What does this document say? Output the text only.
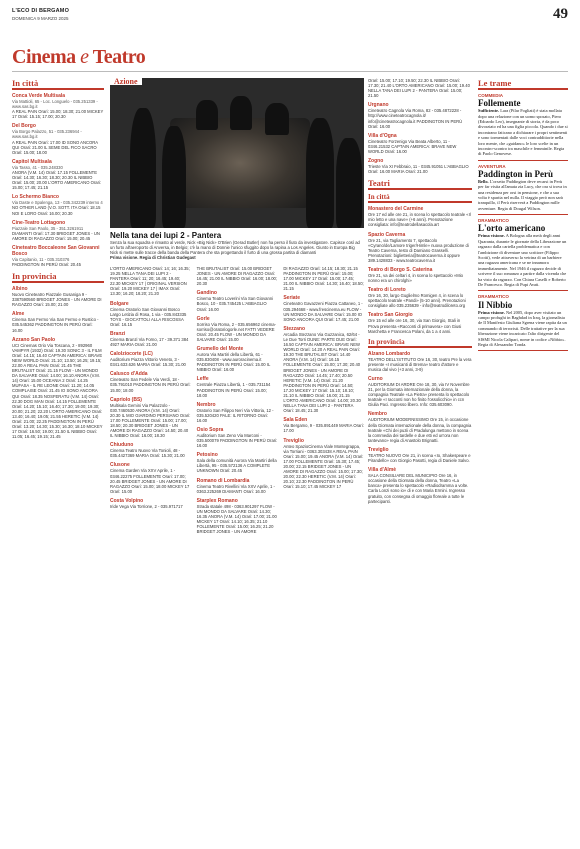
L'ECO DI BERGAMO
DOMENICA 9 MARZO 2025	49
Cinema e Teatro
In città
Conca Verde Multisala
Via Mattioli, 65 - Loc. Longuelo - 035.251339 - www.sas.bg.it
A REAL PAIN Orari: 15.00; 18.30; 21.00 MICKEY 17 Orari: 15.15; 17.00; 20.30
Del Borgo
Via Borgo Palazzo, 51 - 035.236944 - www.sas.bg.it
A REAL PAIN Orari: 17.00 ID SONO ANCORA QUI Orari: 21.00 IL SEME DEL FICO SACRO Orari: 15.00; 18.00
Capitol Multisala
Via Tasso, 41 - 035.248330
ANORA (V.M. 14) Orari: 17.15 FOLLEMENTE Orari: 14.30; 16.30; 18.30; 20.30 IL NIBBIO Orari: 15.00; 20.00 L'ORTO AMERICANO Orari: 15.00; 17.45; 21.15
Lo Schermo Bianco
Via Daste e Spalenga, 13 - 035.342239 interno 4
NO OTHER LAND (V.O. SOTT. ITA Orari: 18.15 NOI E LORO Orari: 16.00; 20.30
Cine-Teatro Lottagono
Piazzale San Paolo, 35 - 351.3261911
DIAMANTI Orari: 17.30 BRIDGET JONES - UN AMORE DI RAGAZZO Orari: 15.00; 20.45
Cineteatro Boccaleone San Giovanni Bosco
Via Capitanio, 11 - 035.310376
PADDINGTON IN PERÙ Orari: 20.45
In provincia
Albino
Nuovo Cineteatro Piazzale Gusaniga 9 - 3387590560 BRIDGET JONES - UN AMORE DI RAGAZZO Orari: 15.00; 21.00
Alme
Cinema San Fermo Via San Fermo e Rustico - 035.545362 PADDINGTON IN PERÙ Orari: 16.00
Azzano San Paolo
UCI Cinemas Orio Via Toscana, 2 - 892960 VAMPYR (1932) Orari: 19.30 SONIC 3 - IL FILM Orari: 14.15; 16.40 CAPTAIN AMERICA: BRAVE NEW WORLD Orari: 21.10; 13.50; 16.25; 19.15; 22.00 A REAL PAIN Orari: 21.45 THE BRUTALIST Orari: 21.15 FLOW - UN MONDO DA SALVARE Orari: 14.00; 16.10 ANORA (V.M. 14) Orari: 15.00 OCEANIA 2 Orari: 14.25 MUFASA - IL RE LEONE Orari: 11.20; 14.05 COMPLAISE Orari: 21.45 IO SONO ANCORA QUI Orari: 18.35 NOSFERATU (V.M. 14) Orari: 22.30 DOG MAN Orari: 14.15 FOLLEMENTE Orari: 14.20; 15.10; 16.40; 17.30; 19.00; 19.30; 20.00; 21.20; 22.20 L'ORTO AMERICANO Orari: 13.40; 16.40; 19.05; 21.55 HERETIC (V.M. 14) Orari: 21.00; 22.25 PADDINGTON IN PERÙ Orari: 13.20; 14.30; 15.30; 16.30; 18.10 MICKEY 17 Orari: 16.50; 19.00; 21.50 IL NIBBIO Orari: 11.05; 16.45; 19.15; 21.45
Azione
Nella tana dei lupi 2 - Pantera
Senza la sua squadra e rimasto al verde, Nick «Big Nick» O'Brien (Gerad Butler) non ha perso il fiuto da investigatore. Capisce così ad un furto all'aeroporto di Anversa, in Belgio; c'è la mano di Donnie l'unico sfuggito dopo la rapina a Los Angeles. Giunto in Europa Big Nick si mette sulle tracce della banda della Pantera che sta progettando il furto di una grossa partita di diamanti
Prima visione. Regia di Christian Gudegast
L'ORTO AMERICANO Orari: 14; 16; 16.35; 19.25 NELLA TANA DEI LUPI 2 - PANTERA Orari: 11; 20; 16.45; 19.40; 22.30 MICKEY 17 | ORIGINAL VERSION Orari: 19.20 MICKEY 17 | IMAX Orari: 13.30; 16.20; 18.20; 21.20
Bolgare
Cinema Oratorio San Giovanni Bosco Largo Letizia di Rosa, 1 via - 035.843335 TOYS - GIOCATTOLI ALLA RISCOSSA Orari: 16.15
Branzi
Cinema Branzi Via Forno, 17 - 39.371 384 4927 MARIA Orari: 21.00
Calolziocorte (LC)
Auditorium Piazza Vittorio Veneto, 3 - 0341.633.626 MARIA Orari: 15.30; 21.00
Calusco d'Adda
Cineteatro San Fedele Via Verdi, 18 - 035.791010 PADDINGTON IN PERÙ Orari: 15.00; 18.00
Capriolo (BS)
Multisala Gemini Via Palazzolo - 030.7460530 ANORA (V.M. 14) Orari: 20.30 IL MIO GIARDINO PERSIANO Orari: 17.00 FOLLEMENTE Orari: 15.00; 17.00; 18.50; 20.30 BRIDGET JONES - UN AMORE DI RAGAZZO Orari: 14.50; 20.40 IL NIBBIO Orari: 16.00; 18.30
Chiuduno
Cinema Teatro Nuovo Via Tonioli, 48 - 035.4427369 MARIA Orari: 15.30; 21.00
Clusone
Cinema Garden Via XXV Aprile, 1 - 0346.22275 FOLLEMENTE Orari: 17.00; 20.45 BRIDGET JONES - UN AMORE DI RAGAZZO Orari: 15.00; 18.00 MICKEY 17 Orari: 15.00
Costa Volpino
Iride Vega Via Torrione, 2 - 035.971717
THE BRUTALIST Orari: 15.00 BRIDGET JONES - UN AMORE DI RAGAZZO Orari: 16.45; 21.00 IL NIBBIO Orari: 16.00; 18.00; 20.30
Gandino
Cinema Teatro Loverini Via San Giovanni Bosco, 10 - 035.745425 L'ABBAGLIO Orari: 16.00
Gorle
Sorriso Via Roma, 2 - 035.656962 cinema-sorriso@oratoriogorle.net FATTI VEDERE Orari: 20.45 FLOW - UN MONDO DA SALVARE Orari: 15.00
Grumello del Monte
Aurora Via Martiri della Libertà, 61 - 035.830408 - www.auroracinema.it PADDINGTON IN PERÙ Orari: 15.00 IL NIBBIO Orari: 16.00
Leffe
Centrale Piazza Libertà, 1 - 035.731154 PADDINGTON IN PERÙ Orari: 15.00; 18.00
Nembro
Oratorio San Filippo Neri Via Vittoria, 12 - 035.520420 PALE: IL RITORNO Orari: 16.00
Osio Sopra
Auditorium San Zeno Via Marconi - 035.500079 PADDINGTON IN PERÙ Orari: 16.00
Petosino
Sala della comunità Aurora Via Martiri della Libertà, 95 - 035.572136 A COMPLETE UNKNOWN Orari: 20.45
Romano di Lombardia
Cinema Teatro Rivellini Via XXV Aprile, 1 - 0363.225269 DIAMANTI Orari: 16.00
Starplex Romano
Strada statale 498 - 0363.901297 FLOW - UN MONDO DA SALVARE Orari: 14.30; 16.35 ANORA (V.M. 14) Orari: 17.00; 21.00 MICKEY 17 Orari: 14.10; 16.35; 21.10 FOLLEMENTE Orari: 15.00; 16.25; 21.20 BRIDGET JONES - UN AMORE
DI RAGAZZO Orari: 14.15; 18.30; 21.15 PADDINGTON IN PERÙ Orari: 15.00; 17.00 MICKEY 17 Orari: 15.00; 17.45; 21.00 IL NIBBIO Orari: 14.30; 16.40; 18.50; 21.15
Seriate
Cineteatro Gavazzeni Piazza Cattaneo, 1 - 035.294668 - www.frescinema.eu FLOW - UN MONDO DA SALVARE Orari: 15.00 IO SONO ANCORA QUI Orari: 17.45; 21.00
Stezzano
Arcadia Stezzano Via Guzzanica, 62/64 - Le Due Torri DUNE: PARTE DUE Orari: 16.50 CAPTAIN AMERICA: BRAVE NEW WORLD Orari: 14.20 A REAL PAIN Orari: 19.30 THE BRUTALIST Orari: 14.40 ANORA (V.M. 14) Orari: 16.15 FOLLEMENTE Orari: 15.00; 17.30; 20.40 BRIDGET JONES - UN AMORE DI RAGAZZO Orari: 14.45; 17.40; 20.50 HERETIC (V.M. 14) Orari: 21.20 PADDINGTON IN PERÙ Orari: 14.50; 17.20 MICKEY 17 Orari: 15.10; 18.10; 21.10 IL NIBBIO Orari: 16.00; 21.15 L'ORTO AMERICANO Orari: 14.00; 20.30 NELLA TANA DEI LUPI 2 - PANTERA Orari: 18.45; 21.30
Sala Eden
Via Bergamo, 9 - 035.891449 MARIA Orari: 17.00
Treviglio
Anteo SpazioCinema Viale Montegrappa, via Torriani - 0363.303438 A REAL PAIN Orari: 15.00; 19.45 ANORA (V.M. 14) Orari: 17.00 FOLLEMENTE Orari: 15.30; 17.45; 20.00; 22.15 BRIDGET JONES - UN AMORE DI RAGAZZO Orari: 15.00; 17.30; 20.00; 22.30 HERETIC (V.M. 14) Orari: 20.10; 22.30 PADDINGTON IN PERÙ Orari: 15.10; 17.45 MICKEY 17
Orari: 15.00; 17.10; 19.50; 22.30 IL NIBBIO Orari: 17.30; 21.40 L'ORTO AMERICANO Orari: 15.00; 19.40 NELLA TANA DEI LUPI 2 - PANTERA Orari: 15.00; 21.50
Urgnano
Cineteatro Cagnola Via Roma, 82 - 035.4872228 - http://www.cineteatrocagnola.it/ info@cineteatrocagnola.it PADDINGTON IN PERÙ Orari: 16.00
Villa d'Ogna
Cineteatro Forzenigo Via Beata Alberto, 11 - 0346.21532 CAPTAIN AMERICA: BRAVE NEW WORLD Orari: 16.00
Zogno
Trieste Via XI Febbraio, 11 - 0345.91051 L'ABBAGLIO Orari: 16.00 MARIA Orari: 21.00
Teatri
In città
Monastero del Carmine
Ore 17 ed alle ore 21, in scena lo spettacolo teatrale «Il mio letto e una nave» (+6 anni). Prenotazione consigliata: info@teatrodellasacola.art
Spazio Caverna
Ore 21, via Tagliamento 7, spettacolo «Cyrano/de/Lamore triger/Himle» nuova produzione di Teatro Caverna, testo di Damiano Grasselli. Prenotazioni: biglietteria@teatrocaverna.it oppure 389.1428833 - www.teatrocaverna.it
Teatro di Borgo S. Caterina
Ore 21, va dei celtari 4, in scena lo spettacolo «Mio nonno era un chirolghi»
Teatro di Loreto
Ore 16, 30, largo Guglielmo Romigen 4, in scena lo spettacolo teatrale «Pandi» (5-10 anni). Prenotazioni consigliate allo 035.235639 - info@teatrodiloreto.org
Teatro San Giorgio
Ore 15 ed alle ore 16, 30, via San Giorgio, Stali in Prova presenta «Racconti di primavera» con Giusi Marchetta e Francesca Polani, da 1 a 4 anni.
In provincia
Alzano Lombardo
TEATRO DELL'ISTITUTO Ore 16, 30, teatro Pre la vera presente «I musicanti di Brema» teatro d'attore e musica dal vivo (+3 anni, 3-9)
Curno
AUDITORIUM DI ARDRE Ore 18, 30, via IV Novembre 31, per la Giornata internazionale della donna, la compagnia Teatrale «La Pietra» presenta lo spettacolo teatrale «I racconti non ho finito l'ossolicchio» in ccn Giulia Paci. Ingresso libero. Info: 035.603090.
Nembro
AUDITORIUM MODERNISSIMO Ore 15, in occasione della Giornata internazionale della donna, la compagnia teatrale «Chi dei puzii di Pradalunga mettono in scena la commedia dei tardelle e due etti ed un'ora non tantevano» regia di Anastolo Brignatti.
Treviglio
TEATRO NUOVO Ore 21, in scena «Io, Shakespeare e Pirandello» con Giorgio Pasotti, regia di Daniele Salvo.
Villa d'Almè
SALA CONSILIARE DEL MUNICIPIO Ore 16, in occasione della Giornata della donna, Teatro «La banca» presenta lo spettacolo «Radiodramma a volte. Carla Lonzi sono io» di e con Maria Ermini. Ingresso gratuito, con consegna di omaggio floreale a tutte le partecipanti.
Le trame
COMMEDIA
Follemente
Sufficiente. Lara (Pilar Fogliati) è stata mollata dopo una relazione con un uomo sposato, Piero (Edoardo Leo), insegnante di storia, è da poco divorziato ed ha una figlia piccola. Quando i due si incontrano faticano a dichiarare i propri sentimenti e sono tormentati dalle voci contraddittorie nella loro mente, che «guidano» le loro scelte in un incontro-scontro tra maschile e femminile. Regia di Paolo Genovese.
AVVENTURA
Paddington in Perù
Bello. L'orsetto Paddington deve recarsi in Perù per far visita all'amata zia Lucy, che ora si trova in una residenza per orsi in pensione, e che a sua volta è sparita nel nulla. Il viaggio però non sarà tranquillo, il Perù riserverà a Paddington mille avventure. Regia di Dougal Wilson.
DRAMMATICO
L'orto americano
Prima visione. A Bologna alla metà degli anni Quaranta, durante le giornate della Liberazione un ragazzo dalla cartella problematica e con l'ambizione di diventare uno scrittore (Filippo Scotti), vede attraverso la vetrina di un barbiere una ragazza americana e se ne innamora immediatamente. Nel 1946 il ragazzo decide di scrivere il suo romanzo a partire dalla vicenda che ha visto da ragazzo. Con Chiara Caselli e Roberto De Francesco. Regia di Pupi Avati.
DRAMMATICO
Il Nibbio
Prima visione. Nel 2005, dopo aver visitato un campo profughi in Baghdad in Iraq, la giornalista de Il Manifesto Giuliana Sgrena viene rapita da un commando di terroristi. Delle trattative per la sua liberazione viene incaricato l'alto dirigente del SISMI Nicola Calipari, nome in codice «Nibbio». Regia di Alessandro Tonda.
